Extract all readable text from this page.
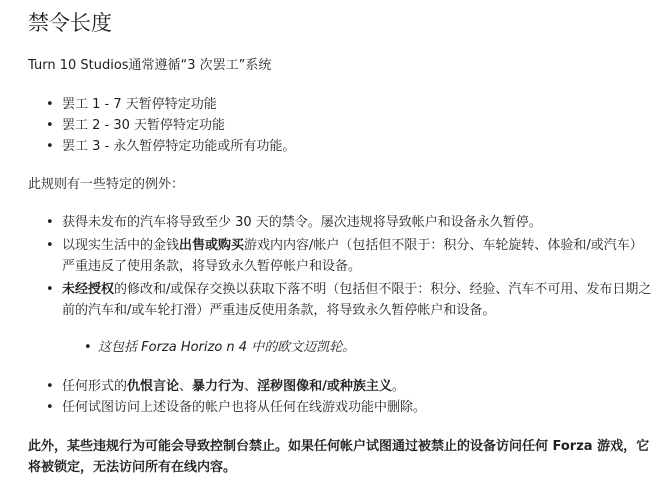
禁令长度
Turn 10 Studios通常遵循“3 次罢工”系统
• 罢工 1 - 7 天暂停特定功能
• 罢工 2 - 30 天暂停特定功能
• 罢工 3 - 永久暂停特定功能或所有功能。
此规则有一些特定的例外：
• 获得未发布的汽车将导致至少 30 天的禁令。屡次违规将导致帐户和设备永久暂停。
• 以现实生活中的金钱出售或购买游戏内内容/帐户（包括但不限于：积分、车轮旋转、体验和/或汽车）严重违反了使用条款，将导致永久暂停帐户和设备。
• 未经授权的修改和/或保存交换以获取下落不明（包括但不限于：积分、经验、汽车不可用、发布日期之前的汽车和/或车轮打滑）严重违反使用条款，将导致永久暂停帐户和设备。
• 这包括 Forza Horizo n 4 中的欧文迈凯轮。
• 任何形式的仇恨言论、暴力行为、淫秽图像和/或种族主义。
• 任何试图访问上述设备的帐户也将从任何在线游戏功能中删除。
此外，某些违规行为可能会导致控制台禁止。如果任何帐户试图通过被禁止的设备访问任何 Forza 游戏，它将被锁定，无法访问所有在线内容。
